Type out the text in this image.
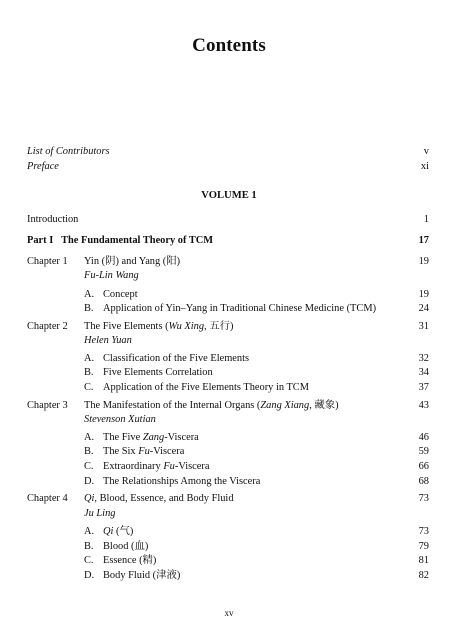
Contents
List of Contributors	v
Preface	xi
VOLUME 1
Introduction	1
Part I The Fundamental Theory of TCM	17
Chapter 1 Yin (阴) and Yang (阳)	19
Fu-Lin Wang
A. Concept	19
B. Application of Yin–Yang in Traditional Chinese Medicine (TCM)	24
Chapter 2 The Five Elements (Wu Xing, 五行)	31
Helen Yuan
A. Classification of the Five Elements	32
B. Five Elements Correlation	34
C. Application of the Five Elements Theory in TCM	37
Chapter 3 The Manifestation of the Internal Organs (Zang Xiang, 藏象)	43
Stevenson Xutian
A. The Five Zang-Viscera	46
B. The Six Fu-Viscera	59
C. Extraordinary Fu-Viscera	66
D. The Relationships Among the Viscera	68
Chapter 4 Qi, Blood, Essence, and Body Fluid	73
Ju Ling
A. Qi (气)	73
B. Blood (血)	79
C. Essence (精)	81
D. Body Fluid (津液)	82
xv
